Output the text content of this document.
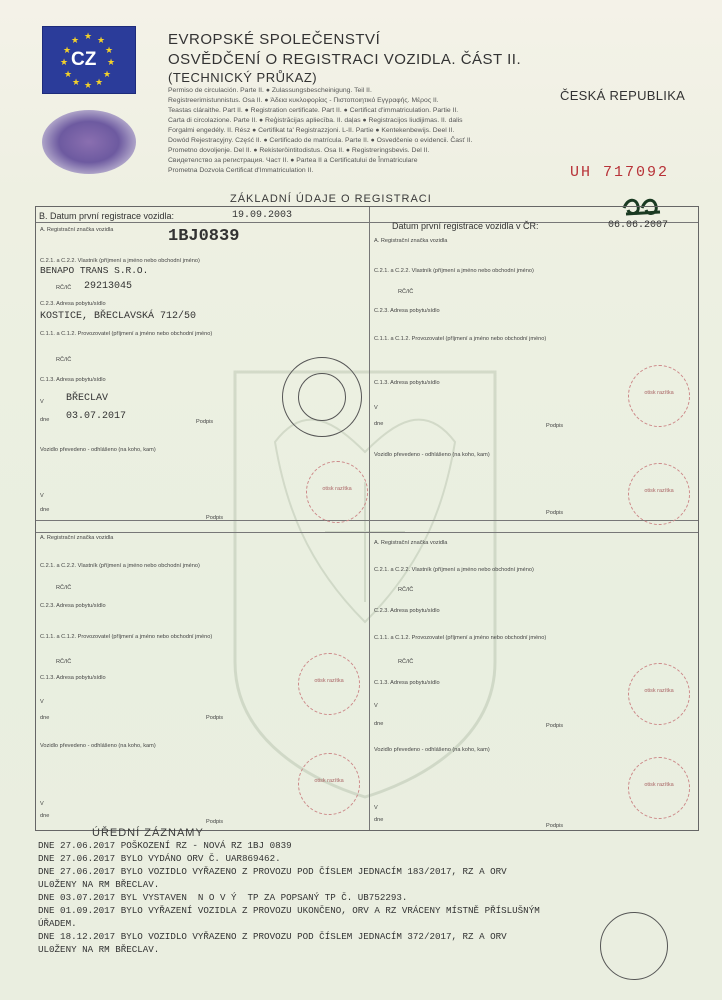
★ ★
★
★
★
★
★
★
★
★
★
★
CZ
EVROPSKÉ SPOLEČENSTVÍ
OSVĚDČENÍ O REGISTRACI VOZIDLA. ČÁST II.
(TECHNICKÝ PRŮKAZ)
Permiso de circulación. Parte II. ● Zulassungsbescheinigung. Teil II.
Registreerimistunnistus. Osa II. ● Άδεια κυκλοφορίας - Πιστοποιητικό Εγγραφής. Μέρος ΙΙ.
Teastas cláraithe. Part II. ● Registration certificate. Part II. ● Certificat d'immatriculation. Partie II.
Carta di circolazione. Parte II. ● Reģistrācijas apliecība. II. daļas ● Registracijos liudijimas. II. dalis
Forgalmi engedély. II. Rész ● Certifikat ta' Registrazzjoni. L-II. Partie ● Kentekenbewijs. Deel II.
Dowód Rejestracyjny. Część II. ● Certificado de matrícula. Parte II. ● Osvedčenie o evidencii. Časť II.
Prometno dovoljenje. Del II. ● Rekisteröintitodistus. Osa II. ● Registreringsbevis. Del II.
Свидетелство за регистрация. Част II. ● Partea II a Certificatului de Înmatriculare
Prometna Dozvola Certificat d'Immatriculation II.
ČESKÁ REPUBLIKA
UH 717092
ZÁKLADNÍ ÚDAJE O REGISTRACI
B. Datum první registrace vozidla:	19.09.2003
Datum první registrace vozidla v ČR:	06.06.2007
A. Registrační značka vozidla	1BJ0839
C.2.1. a C.2.2. Vlastník (příjmení a jméno nebo obchodní jméno)
BENAPO TRANS S.R.O.
RČ/IČ 29213045
C.2.3. Adresa pobytu/sídlo
KOSTICE, BŘECLAVSKÁ 712/50
C.1.1. a C.1.2. Provozovatel (příjmení a jméno nebo obchodní jméno)
RČ/IČ
C.1.3. Adresa pobytu/sídlo
V BŘECLAV
dne 03.07.2017	Podpis
Vozidlo převedeno - odhlášeno (na koho, kam)
V
dne
Podpis
otisk razítka
A. Registrační značka vozidla
C.2.1. a C.2.2. Vlastník (příjmení a jméno nebo obchodní jméno)
RČ/IČ
C.2.3. Adresa pobytu/sídlo
C.1.1. a C.1.2. Provozovatel (příjmení a jméno nebo obchodní jméno)
C.1.3. Adresa pobytu/sídlo
V
dne	Podpis
Vozidlo převedeno - odhlášeno (na koho, kam)
Podpis
otisk razítka
otisk razítka
A. Registrační značka vozidla
C.2.1. a C.2.2. Vlastník (příjmení a jméno nebo obchodní jméno)
RČ/IČ
C.2.3. Adresa pobytu/sídlo
C.1.1. a C.1.2. Provozovatel (příjmení a jméno nebo obchodní jméno)
RČ/IČ
C.1.3. Adresa pobytu/sídlo
V
dne	Podpis
Vozidlo převedeno - odhlášeno (na koho, kam)
V
dne
Podpis
otisk razítka
otisk razítka
A. Registrační značka vozidla
C.2.1. a C.2.2. Vlastník (příjmení a jméno nebo obchodní jméno)
RČ/IČ
C.2.3. Adresa pobytu/sídlo
C.1.1. a C.1.2. Provozovatel (příjmení a jméno nebo obchodní jméno)
RČ/IČ
C.1.3. Adresa pobytu/sídlo
V
dne	Podpis
Vozidlo převedeno - odhlášeno (na koho, kam)
V
dne
Podpis
otisk razítka
otisk razítka
ÚŘEDNÍ ZÁZNAMY
DNE 27.06.2017 POŠKOZENÍ RZ - NOVÁ RZ 1BJ 0839
DNE 27.06.2017 BYLO VYDÁNO ORV Č. UAR869462.
DNE 27.06.2017 BYLO VOZIDLO VYŘAZENO Z PROVOZU POD ČÍSLEM JEDNACÍM 183/2017, RZ A ORV
UL0ŽENY NA RM BŘECLAV.
DNE 03.07.2017 BYL VYSTAVEN  N O V Ý  TP ZA POPSANÝ TP Č. UB752293.
DNE 01.09.2017 BYLO VYŘAZENÍ VOZIDLA Z PROVOZU UKONČENO, ORV A RZ VRÁCENY MÍSTNĚ PŘÍSLUŠNÝM
ÚŘADEM.
DNE 18.12.2017 BYLO VOZIDLO VYŘAZENO Z PROVOZU POD ČÍSLEM JEDNACÍM 372/2017, RZ A ORV
UL0ŽENY NA RM BŘECLAV.
